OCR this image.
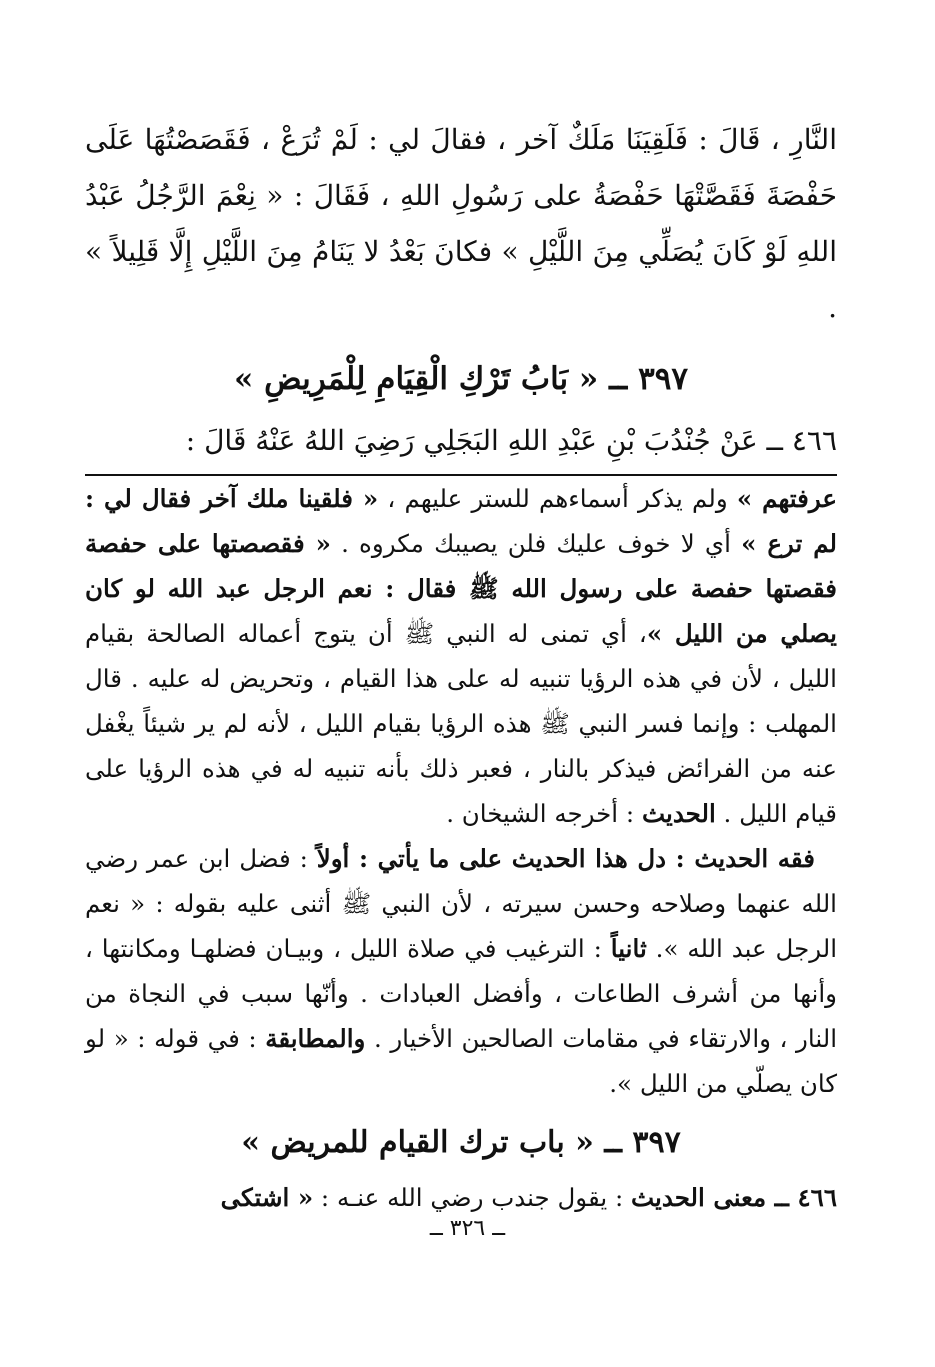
النَّارِ ، قَالَ : فَلَقِيَنَا مَلَكٌ آخر ، فقالَ لي : لَمْ تُرَعْ ، فَقَصَصْتُهَا عَلَى حَفْصَةَ فَقَصَّتْهَا حَفْصَةُ على رَسُولِ اللهِ ، فَقَالَ : « نِعْمَ الرَّجُلُ عَبْدُ اللهِ لَوْ كَانَ يُصَلِّي مِنَ اللَّيْلِ » فكانَ بَعْدُ لا يَنَامُ مِنَ اللَّيْلِ إِلَّا قَلِيلاً » .

٣٩٧ ــ « بَابُ تَرْكِ الْقِيَامِ لِلْمَرِيضِ »

٤٦٦ ــ عَنْ جُنْدُبَ بْنِ عَبْدِ اللهِ البَجَلِي رَضِيَ اللهُ عَنْهُ قَالَ :

عرفتهم » ولم يذكر أسماءهم للستر عليهم ، « فلقينا ملك آخر فقال لي : لم ترع » أي لا خوف عليك فلن يصيبك مكروه . « فقصصتها على حفصة فقصتها حفصة على رسول الله ﷺ فقال : نعم الرجل عبد الله لو كان يصلي من الليل »، أي تمنى له النبي ﷺ أن يتوج أعماله الصالحة بقيام الليل ، لأن في هذه الرؤيا تنبيه له على هذا القيام ، وتحريض له عليه . قال المهلب : وإنما فسر النبي ﷺ هذه الرؤيا بقيام الليل ، لأنه لم ير شيئاً يغْفل عنه من الفرائض فيذكر بالنار ، فعبر ذلك بأنه تنبيه له في هذه الرؤيا على قيام الليل . الحديث : أخرجه الشيخان .

فقه الحديث : دل هذا الحديث على ما يأتي : أولاً : فضل ابن عمر رضي الله عنهما وصلاحه وحسن سيرته ، لأن النبي ﷺ أثنى عليه بقوله : « نعم الرجل عبد الله ». ثانياً : الترغيب في صلاة الليل ، وبيـان فضلهـا ومكانتها ، وأنها من أشرف الطاعات ، وأفضل العبادات . وأنّها سبب في النجاة من النار ، والارتقاء في مقامات الصالحين الأخيار . والمطابقة : في قوله : « لو كان يصلّي من الليل ».

٣٩٧ ــ « باب ترك القيام للمريض »

٤٦٦ ــ معنى الحديث : يقول جندب رضي الله عنـه : « اشتكى

ــ ٣٢٦ ــ
